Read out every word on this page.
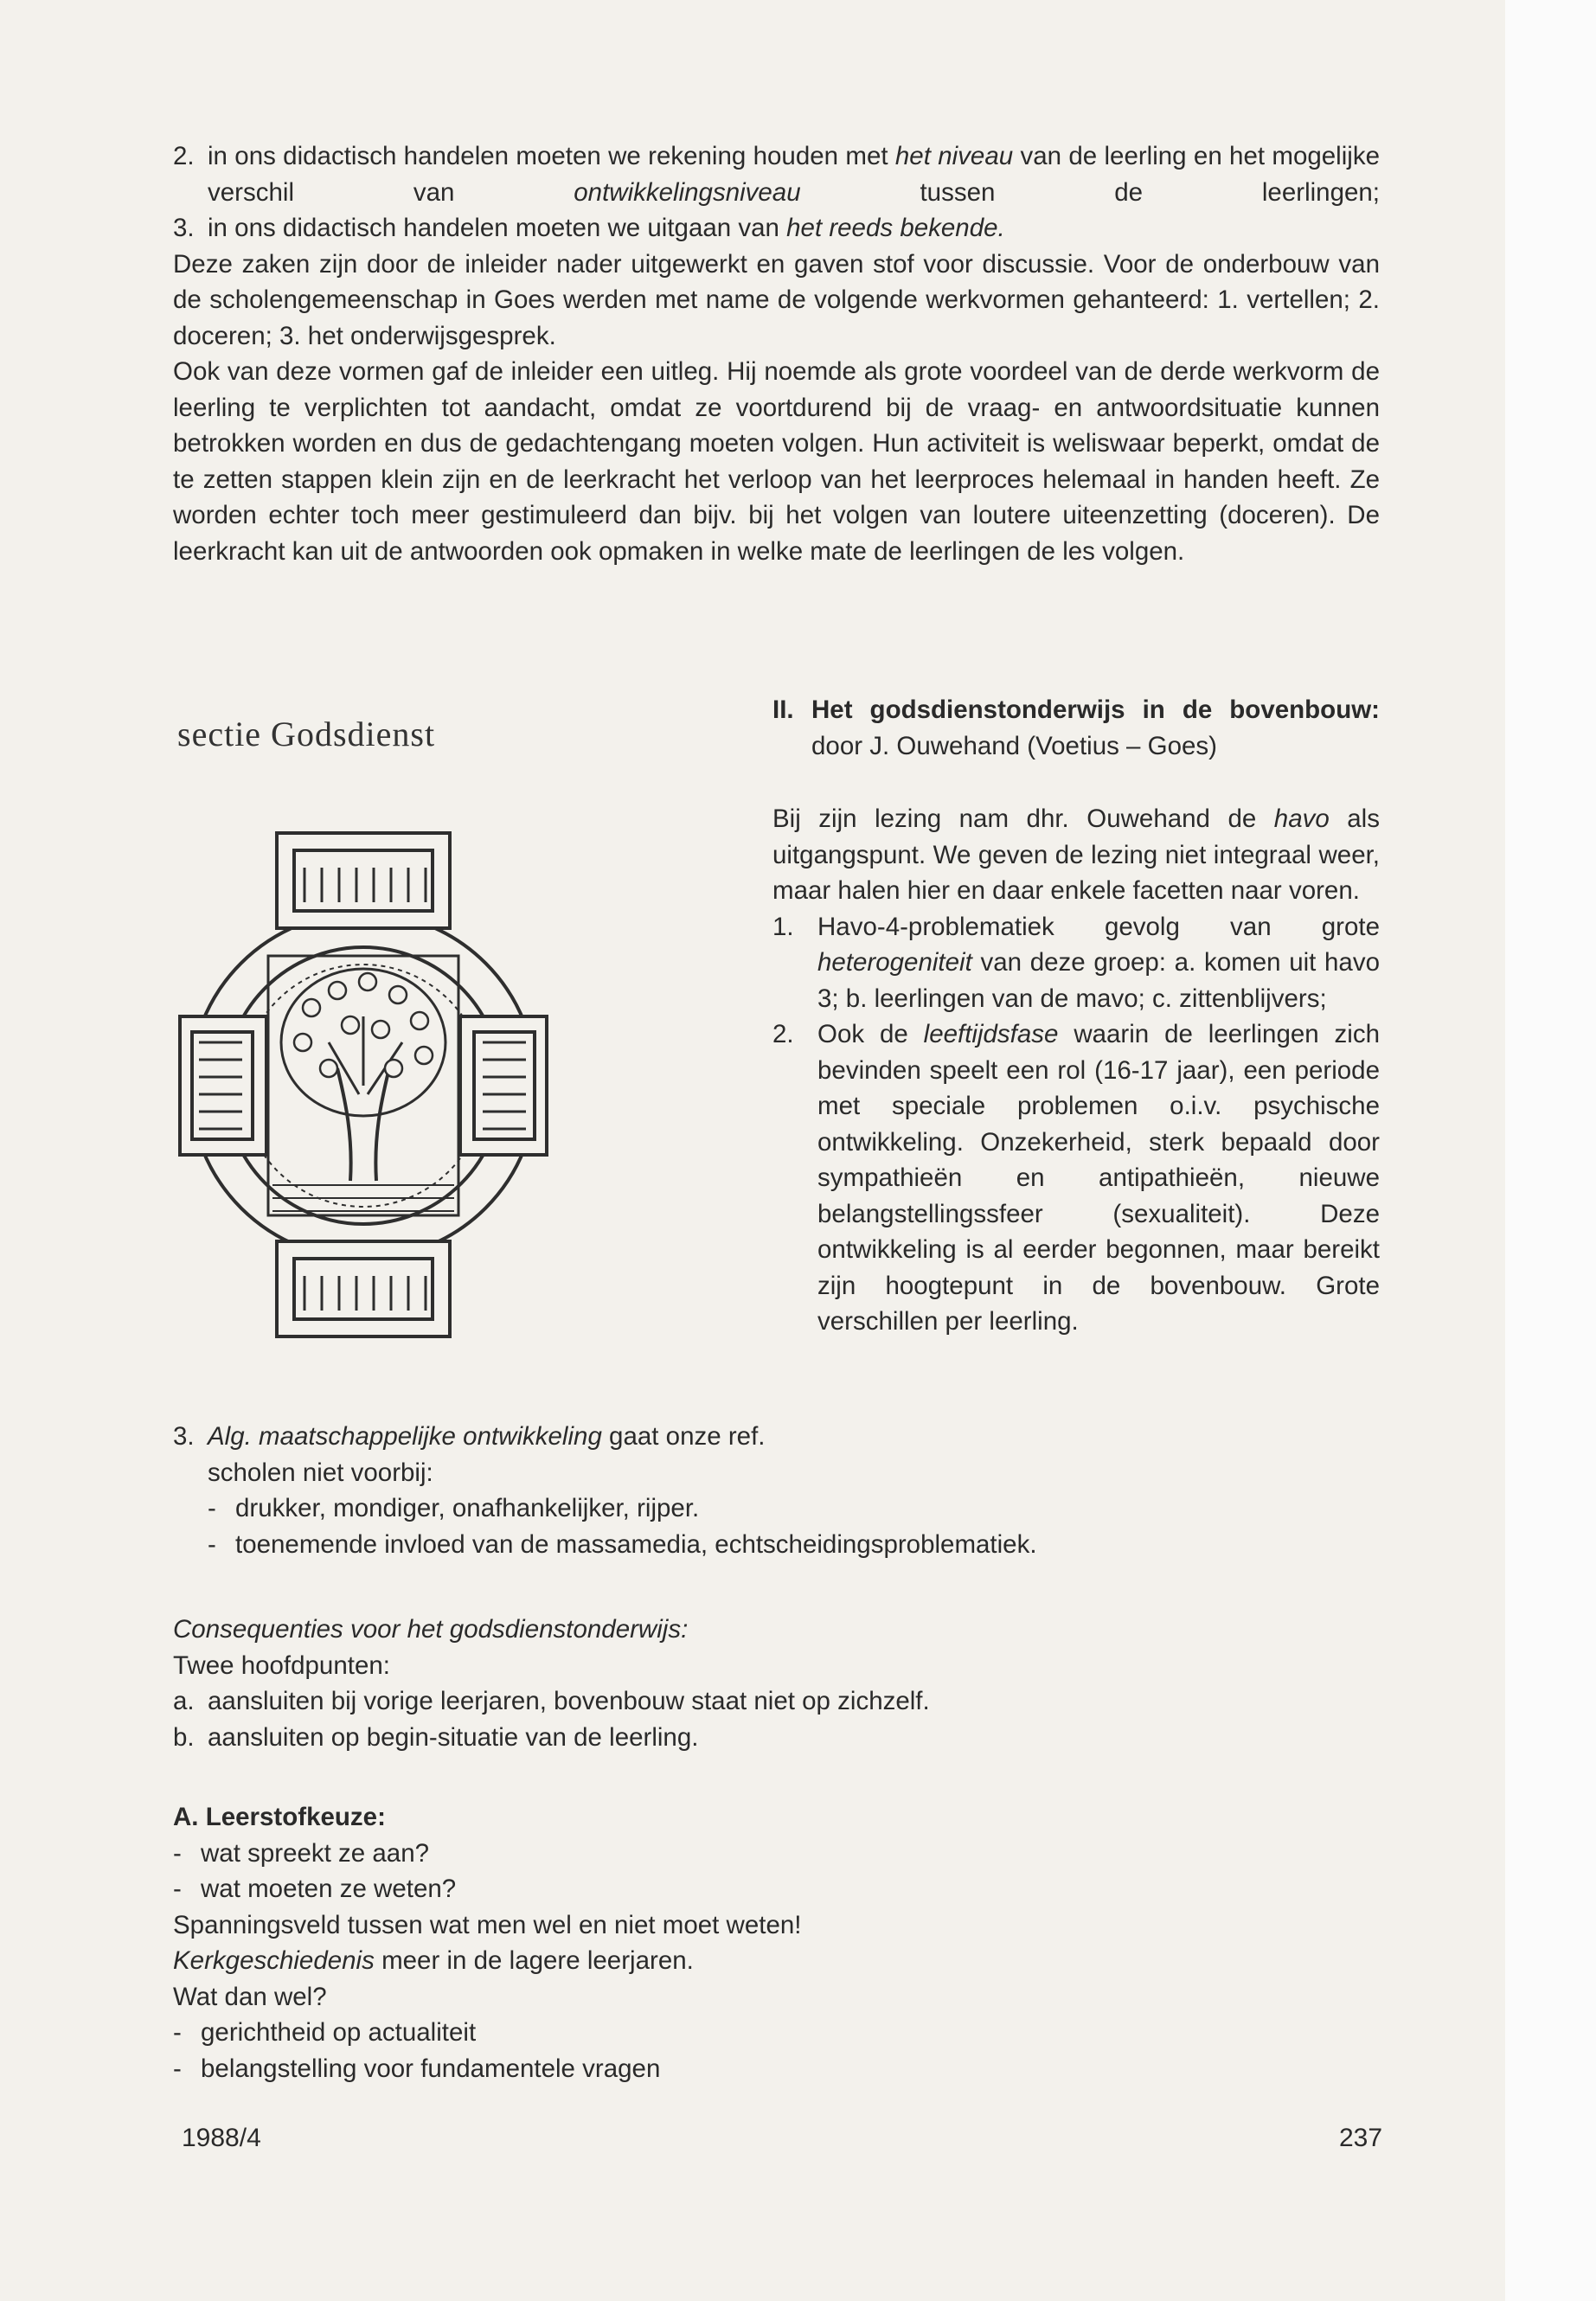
2. in ons didactisch handelen moeten we rekening houden met het niveau van de leerling en het mogelijke verschil van ontwikkelingsniveau tussen de leerlingen;
3. in ons didactisch handelen moeten we uitgaan van het reeds bekende.

Deze zaken zijn door de inleider nader uitgewerkt en gaven stof voor discussie. Voor de onderbouw van de scholengemeenschap in Goes werden met name de volgende werkvormen gehanteerd: 1. vertellen; 2. doceren; 3. het onderwijsgesprek.

Ook van deze vormen gaf de inleider een uitleg. Hij noemde als grote voordeel van de derde werkvorm de leerling te verplichten tot aandacht, omdat ze voortdurend bij de vraag- en antwoordsituatie kunnen betrokken worden en dus de gedachtengang moeten volgen. Hun activiteit is weliswaar beperkt, omdat de te zetten stappen klein zijn en de leerkracht het verloop van het leerproces helemaal in handen heeft. Ze worden echter toch meer gestimuleerd dan bijv. bij het volgen van loutere uiteenzetting (doceren). De leerkracht kan uit de antwoorden ook opmaken in welke mate de leerlingen de les volgen.

sectie Godsdienst
II. Het godsdienstonderwijs in de bovenbouw: door J. Ouwehand (Voetius – Goes)

Bij zijn lezing nam dhr. Ouwehand de havo als uitgangspunt. We geven de lezing niet integraal weer, maar halen hier en daar enkele facetten naar voren.

1. Havo-4-problematiek gevolg van grote heterogeniteit van deze groep: a. komen uit havo 3; b. leerlingen van de mavo; c. zittenblijvers;
2. Ook de leeftijdsfase waarin de leerlingen zich bevinden speelt een rol (16-17 jaar), een periode met speciale problemen o.i.v. psychische ontwikkeling. Onzekerheid, sterk bepaald door sympathieën en antipathieën, nieuwe belangstellingssfeer (sexualiteit). Deze ontwikkeling is al eerder begonnen, maar bereikt zijn hoogtepunt in de bovenbouw. Grote verschillen per leerling.
3. Alg. maatschappelijke ontwikkeling gaat onze ref. scholen niet voorbij:
- drukker, mondiger, onafhankelijker, rijper.
- toenemende invloed van de massamedia, echtscheidingsproblematiek.

Consequenties voor het godsdienstonderwijs:

Twee hoofdpunten:

a. aansluiten bij vorige leerjaren, bovenbouw staat niet op zichzelf.
b. aansluiten op begin-situatie van de leerling.

A. Leerstofkeuze:

- wat spreekt ze aan?
- wat moeten ze weten?

Spanningsveld tussen wat men wel en niet moet weten!

Kerkgeschiedenis meer in de lagere leerjaren.

Wat dan wel?

- gerichtheid op actualiteit
- belangstelling voor fundamentele vragen
1988/4	237
